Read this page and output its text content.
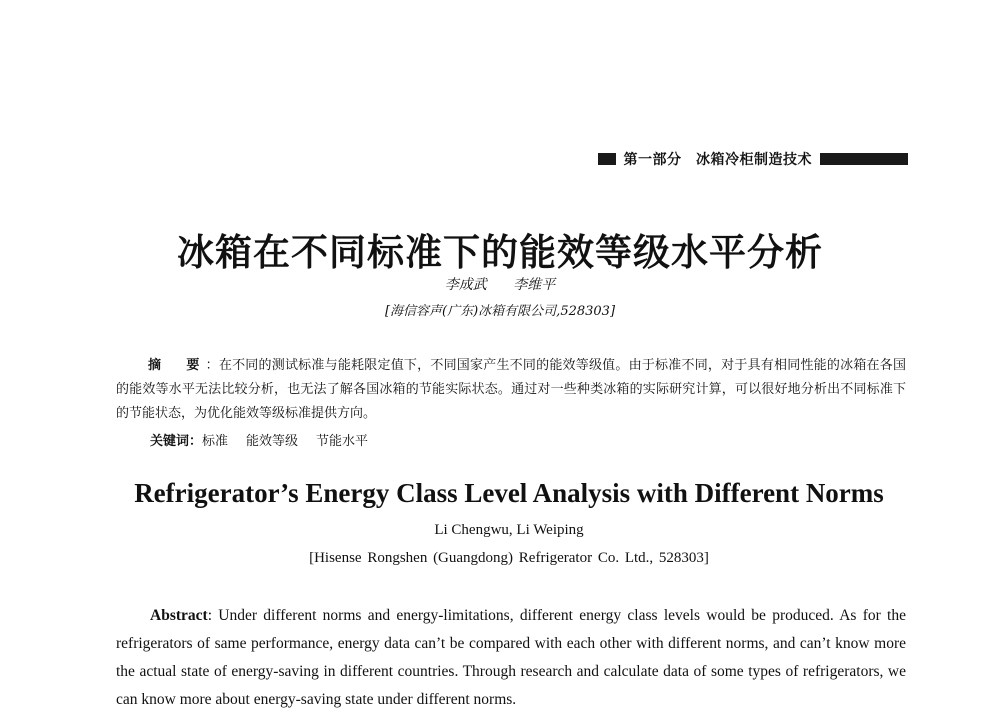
第一部分　冰箱冷柜制造技术
冰箱在不同标准下的能效等级水平分析
李成武 李维平
[海信容声(广东)冰箱有限公司,528303]
摘　要：在不同的测试标准与能耗限定值下，不同国家产生不同的能效等级值。由于标准不同，对于具有相同性能的冰箱在各国的能效等水平无法比较分析，也无法了解各国冰箱的节能实际状态。通过对一些种类冰箱的实际研究计算，可以很好地分析出不同标准下的节能状态，为优化能效等级标准提供方向。
关键词：标准 能效等级 节能水平
Refrigerator’s Energy Class Level Analysis with Different Norms
Li Chengwu, Li Weiping
[Hisense Rongshen (Guangdong) Refrigerator Co. Ltd., 528303]
Abstract: Under different norms and energy-limitations, different energy class levels would be produced. As for the refrigerators of same performance, energy data can’t be compared with each other with different norms, and can’t know more the actual state of energy-saving in different countries. Through research and calculate data of some types of refrigerators, we can know more about energy-saving state under different norms.
